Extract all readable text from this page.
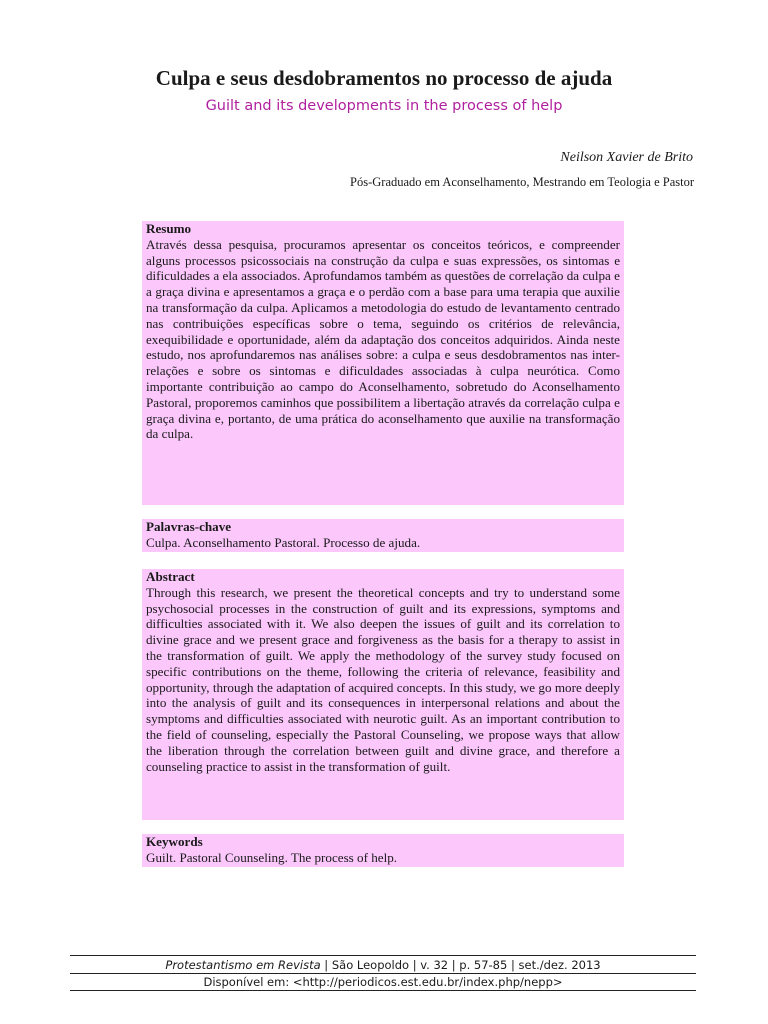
Culpa e seus desdobramentos no processo de ajuda
Guilt and its developments in the process of help
Neilson Xavier de Brito
Pós-Graduado em Aconselhamento, Mestrando em Teologia e Pastor
Resumo
Através dessa pesquisa, procuramos apresentar os conceitos teóricos, e compreender alguns processos psicossociais na construção da culpa e suas expressões, os sintomas e dificuldades a ela associados. Aprofundamos também as questões de correlação da culpa e a graça divina e apresentamos a graça e o perdão com a base para uma terapia que auxilie na transformação da culpa. Aplicamos a metodologia do estudo de levantamento centrado nas contribuições específicas sobre o tema, seguindo os critérios de relevância, exequibilidade e oportunidade, além da adaptação dos conceitos adquiridos. Ainda neste estudo, nos aprofundaremos nas análises sobre: a culpa e seus desdobramentos nas inter-relações e sobre os sintomas e dificuldades associadas à culpa neurótica. Como importante contribuição ao campo do Aconselhamento, sobretudo do Aconselhamento Pastoral, proporemos caminhos que possibilitem a libertação através da correlação culpa e graça divina e, portanto, de uma prática do aconselhamento que auxilie na transformação da culpa.
Palavras-chave
Culpa. Aconselhamento Pastoral. Processo de ajuda.
Abstract
Through this research, we present the theoretical concepts and try to understand some psychosocial processes in the construction of guilt and its expressions, symptoms and difficulties associated with it. We also deepen the issues of guilt and its correlation to divine grace and we present grace and forgiveness as the basis for a therapy to assist in the transformation of guilt. We apply the methodology of the survey study focused on specific contributions on the theme, following the criteria of relevance, feasibility and opportunity, through the adaptation of acquired concepts. In this study, we go more deeply into the analysis of guilt and its consequences in interpersonal relations and about the symptoms and difficulties associated with neurotic guilt. As an important contribution to the field of counseling, especially the Pastoral Counseling, we propose ways that allow the liberation through the correlation between guilt and divine grace, and therefore a counseling practice to assist in the transformation of guilt.
Keywords
Guilt. Pastoral Counseling. The process of help.
Protestantismo em Revista | São Leopoldo | v. 32 | p. 57-85 | set./dez. 2013
Disponível em: <http://periodicos.est.edu.br/index.php/nepp>
